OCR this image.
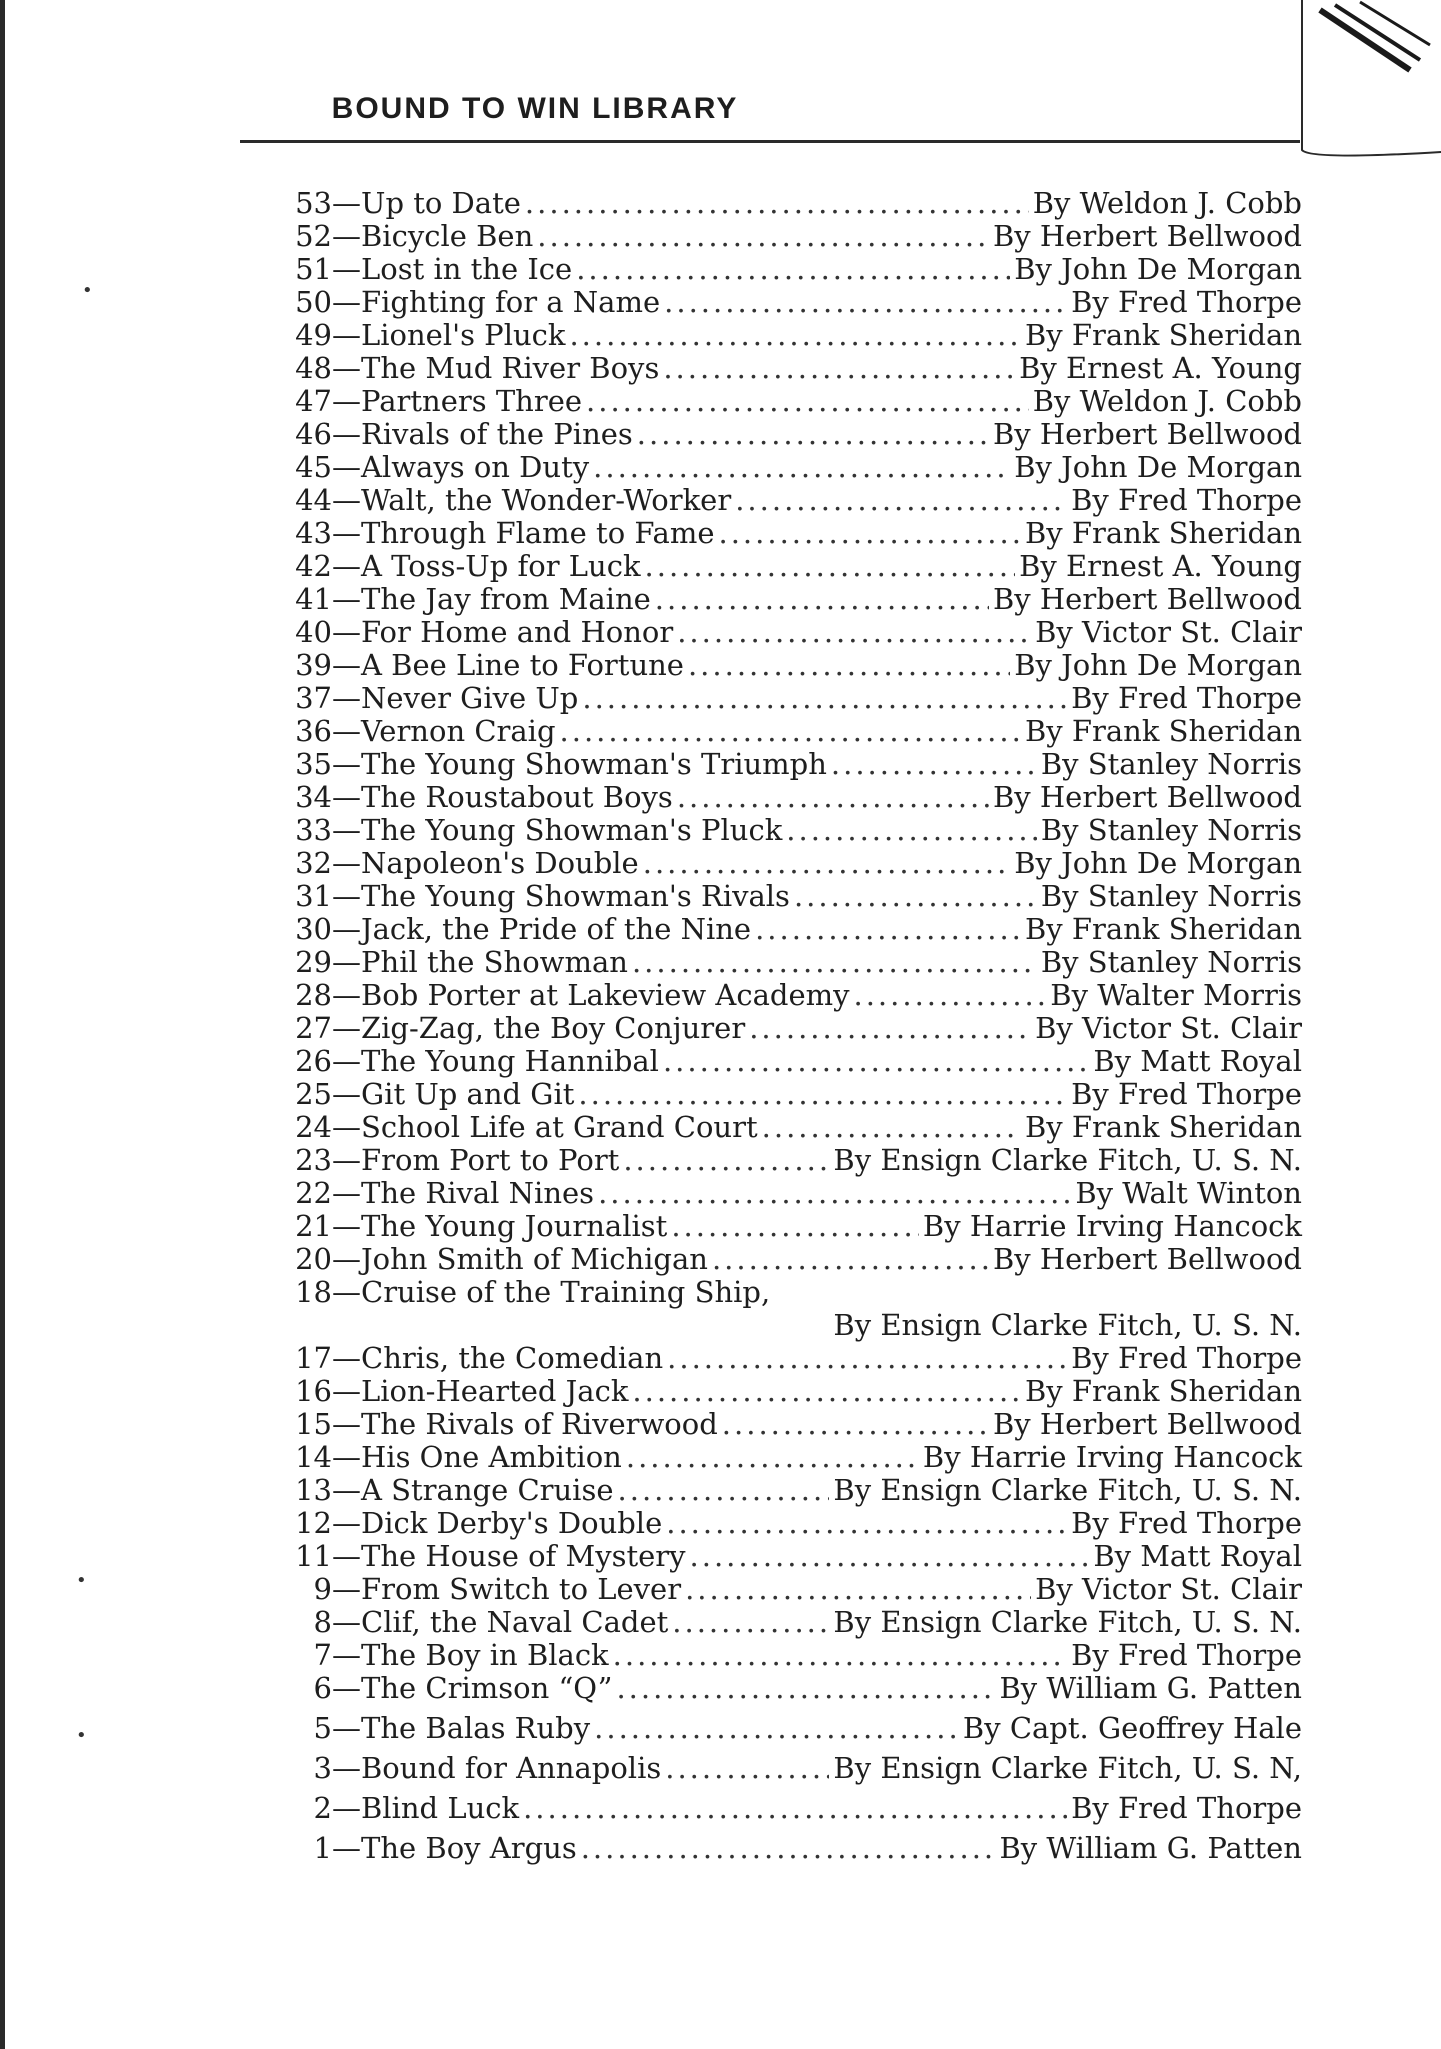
BOUND TO WIN LIBRARY
53 — Up to Date .....	By Weldon J. Cobb
52 — Bicycle Ben .....	By Herbert Bellwood
51 — Lost in the Ice .....	By John De Morgan
50 — Fighting for a Name .....	By Fred Thorpe
49 — Lionel's Pluck .....	By Frank Sheridan
48 — The Mud River Boys .....	By Ernest A. Young
47 — Partners Three .....	By Weldon J. Cobb
46 — Rivals of the Pines .....	By Herbert Bellwood
45 — Always on Duty .....	By John De Morgan
44 — Walt, the Wonder-Worker .....	By Fred Thorpe
43 — Through Flame to Fame .....	By Frank Sheridan
42 — A Toss-Up for Luck .....	By Ernest A. Young
41 — The Jay from Maine .....	By Herbert Bellwood
40 — For Home and Honor .....	By Victor St. Clair
39 — A Bee Line to Fortune .....	By John De Morgan
37 — Never Give Up .....	By Fred Thorpe
36 — Vernon Craig .....	By Frank Sheridan
35 — The Young Showman's Triumph .....	By Stanley Norris
34 — The Roustabout Boys .....	By Herbert Bellwood
33 — The Young Showman's Pluck .....	By Stanley Norris
32 — Napoleon's Double .....	By John De Morgan
31 — The Young Showman's Rivals .....	By Stanley Norris
30 — Jack, the Pride of the Nine .....	By Frank Sheridan
29 — Phil the Showman .....	By Stanley Norris
28 — Bob Porter at Lakeview Academy .....	By Walter Morris
27 — Zig-Zag, the Boy Conjurer .....	By Victor St. Clair
26 — The Young Hannibal .....	By Matt Royal
25 — Git Up and Git .....	By Fred Thorpe
24 — School Life at Grand Court .....	By Frank Sheridan
23 — From Port to Port .....	By Ensign Clarke Fitch, U. S. N.
22 — The Rival Nines .....	By Walt Winton
21 — The Young Journalist .....	By Harrie Irving Hancock
20 — John Smith of Michigan .....	By Herbert Bellwood
18 — Cruise of the Training Ship,
By Ensign Clarke Fitch, U. S. N.
17 — Chris, the Comedian .....	By Fred Thorpe
16 — Lion-Hearted Jack .....	By Frank Sheridan
15 — The Rivals of Riverwood .....	By Herbert Bellwood
14 — His One Ambition .....	By Harrie Irving Hancock
13 — A Strange Cruise .....	By Ensign Clarke Fitch, U. S. N.
12 — Dick Derby's Double .....	By Fred Thorpe
11 — The House of Mystery .....	By Matt Royal
9 — From Switch to Lever .....	By Victor St. Clair
8 — Clif, the Naval Cadet .....	By Ensign Clarke Fitch, U. S. N.
7 — The Boy in Black .....	By Fred Thorpe
6 — The Crimson “Q” .....	By William G. Patten
5 — The Balas Ruby .....	By Capt. Geoffrey Hale
3 — Bound for Annapolis .....	By Ensign Clarke Fitch, U. S. N,
2 — Blind Luck .....	By Fred Thorpe
1 — The Boy Argus .....	By William G. Patten
•
•
•
